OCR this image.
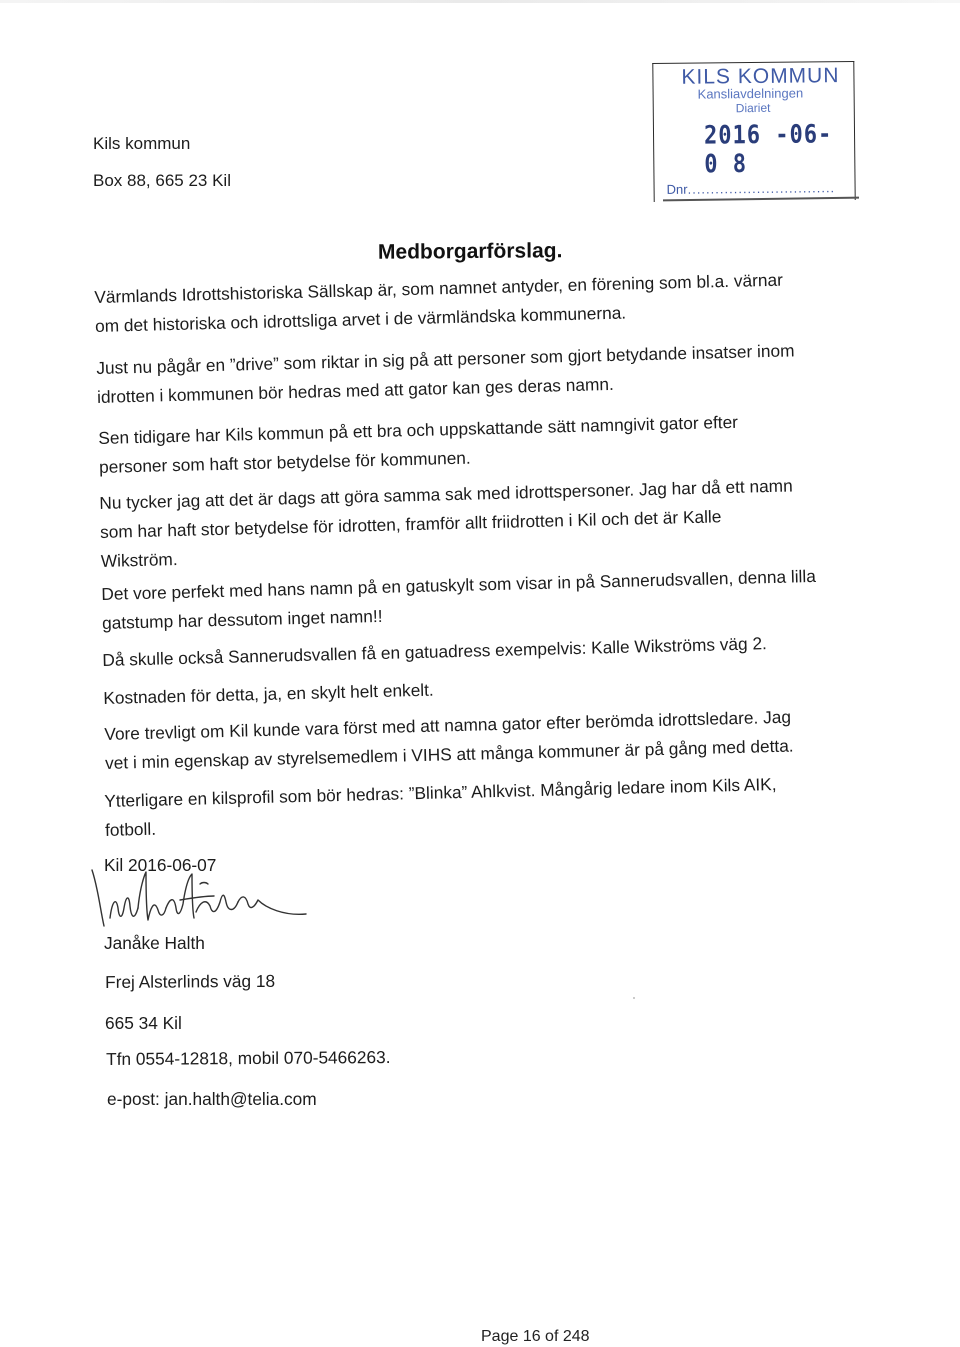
Kils kommun
Box 88, 665 23 Kil
KILS KOMMUN
Kansliavdelningen
Diariet
2016 -06- 0 8
Dnr................................
Medborgarförslag.
Värmlands Idrottshistoriska Sällskap är, som namnet antyder, en förening som bl.a. värnar
om det historiska och idrottsliga arvet i de värmländska kommunerna.
Just nu pågår en ”drive” som riktar in sig på att personer som gjort betydande insatser inom
idrotten i kommunen bör hedras med att gator kan ges deras namn.
Sen tidigare har Kils kommun på ett bra och uppskattande sätt namngivit gator efter
personer som haft stor betydelse för kommunen.
Nu tycker jag att det är dags att göra samma sak med idrottspersoner. Jag har då ett namn
som har haft stor betydelse för idrotten, framför allt friidrotten i Kil och det är Kalle
Wikström.
Det vore perfekt med hans namn på en gatuskylt som visar in på Sannerudsvallen, denna lilla
gatstump har dessutom inget namn!!
Då skulle också Sannerudsvallen få en gatuadress exempelvis: Kalle Wikströms väg 2.
Kostnaden för detta, ja, en skylt helt enkelt.
Vore trevligt om Kil kunde vara först med att namna gator efter berömda idrottsledare. Jag
vet i min egenskap av styrelsemedlem i VIHS att många kommuner är på gång med detta.
Ytterligare en kilsprofil som bör hedras: ”Blinka” Ahlkvist. Mångårig ledare inom Kils AIK,
fotboll.
Kil 2016-06-07
Janåke Halth
Frej Alsterlinds väg 18
665 34 Kil
Tfn 0554-12818, mobil 070-5466263.
e-post: jan.halth@telia.com
Page 16 of 248
